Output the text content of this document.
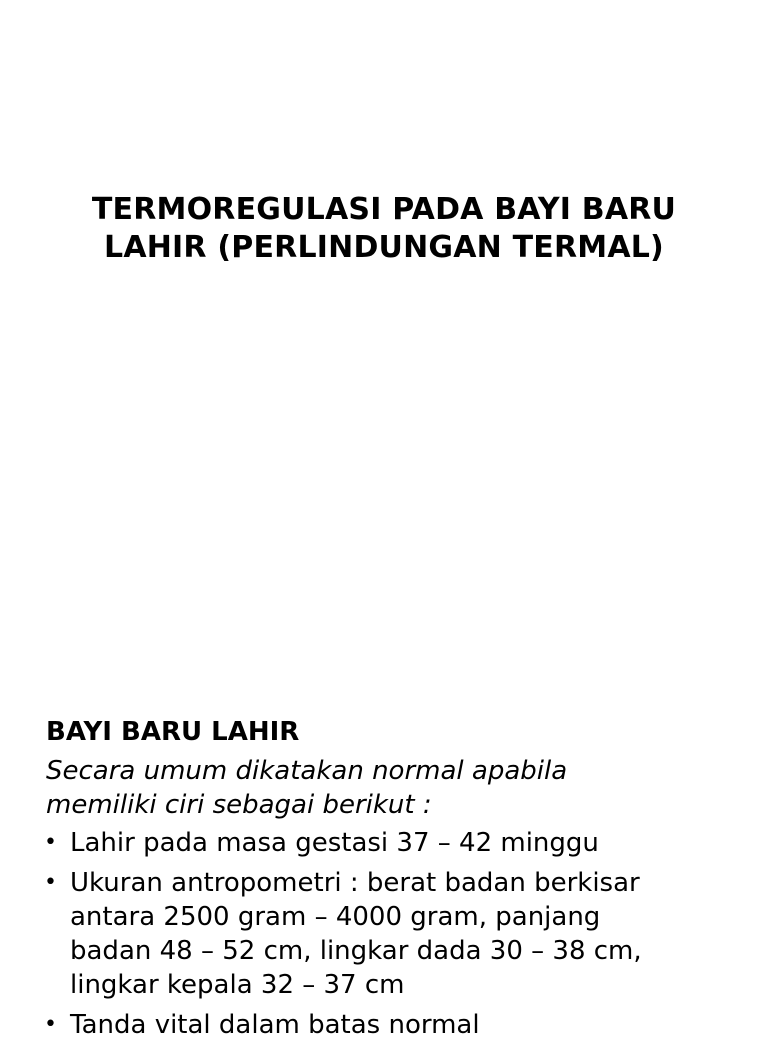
TERMOREGULASI PADA BAYI BARU
LAHIR (PERLINDUNGAN TERMAL)
BAYI BARU LAHIR

Secara umum dikatakan normal apabila
memiliki ciri sebagai berikut :

• Lahir pada masa gestasi 37 – 42 minggu
• Ukuran antropometri : berat badan berkisar
antara 2500 gram – 4000 gram, panjang
badan 48 – 52 cm, lingkar dada 30 – 38 cm,
lingkar kepala 32 – 37 cm
• Tanda vital dalam batas normal
